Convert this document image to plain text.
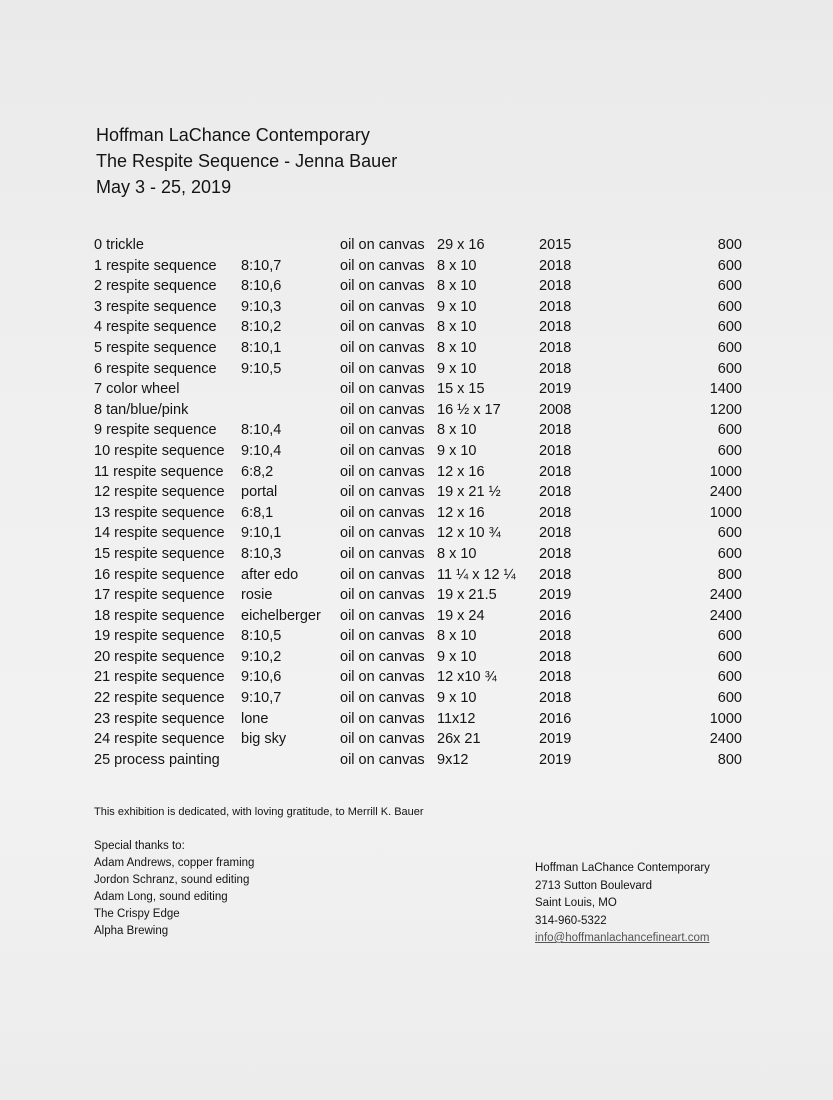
Hoffman LaChance Contemporary
The Respite Sequence - Jenna Bauer
May 3 - 25, 2019
0 trickle	oil on canvas 29 x 16	2015	800
1 respite sequence 8:10,7	oil on canvas 8 x 10	2018	600
2 respite sequence 8:10,6	oil on canvas 8 x 10	2018	600
3 respite sequence 9:10,3	oil on canvas 9 x 10	2018	600
4 respite sequence 8:10,2	oil on canvas 8 x 10	2018	600
5 respite sequence 8:10,1	oil on canvas 8 x 10	2018	600
6 respite sequence 9:10,5	oil on canvas 9 x 10	2018	600
7 color wheel	oil on canvas 15 x 15	2019	1400
8 tan/blue/pink	oil on canvas 16 ½ x 17	2008	1200
9 respite sequence 8:10,4	oil on canvas 8 x 10	2018	600
10 respite sequence 9:10,4	oil on canvas 9 x 10	2018	600
11 respite sequence 6:8,2	oil on canvas 12 x 16	2018	1000
12 respite sequence portal	oil on canvas 19 x 21 ½	2018	2400
13 respite sequence 6:8,1	oil on canvas 12 x 16	2018	1000
14 respite sequence 9:10,1	oil on canvas 12 x 10 ¾	2018	600
15 respite sequence 8:10,3	oil on canvas 8 x 10	2018	600
16 respite sequence after edo	oil on canvas 11 ¼ x 12 ¼ 2018	800
17 respite sequence rosie	oil on canvas 19 x 21.5	2019	2400
18 respite sequence eichelberger oil on canvas 19 x 24	2016	2400
19 respite sequence 8:10,5	oil on canvas 8 x 10	2018	600
20 respite sequence 9:10,2	oil on canvas 9 x 10	2018	600
21 respite sequence 9:10,6	oil on canvas 12 x10 ¾	2018	600
22 respite sequence 9:10,7	oil on canvas 9 x 10	2018	600
23 respite sequence lone	oil on canvas 11x12	2016	1000
24 respite sequence big sky	oil on canvas 26x 21	2019	2400
25 process painting	oil on canvas 9x12	2019	800
This exhibition is dedicated, with loving gratitude, to Merrill K. Bauer
Special thanks to:
Adam Andrews, copper framing
Jordon Schranz, sound editing
Adam Long, sound editing
The Crispy Edge
Alpha Brewing
Hoffman LaChance Contemporary
2713 Sutton Boulevard
Saint Louis, MO
314-960-5322
info@hoffmanlachancefineart.com
